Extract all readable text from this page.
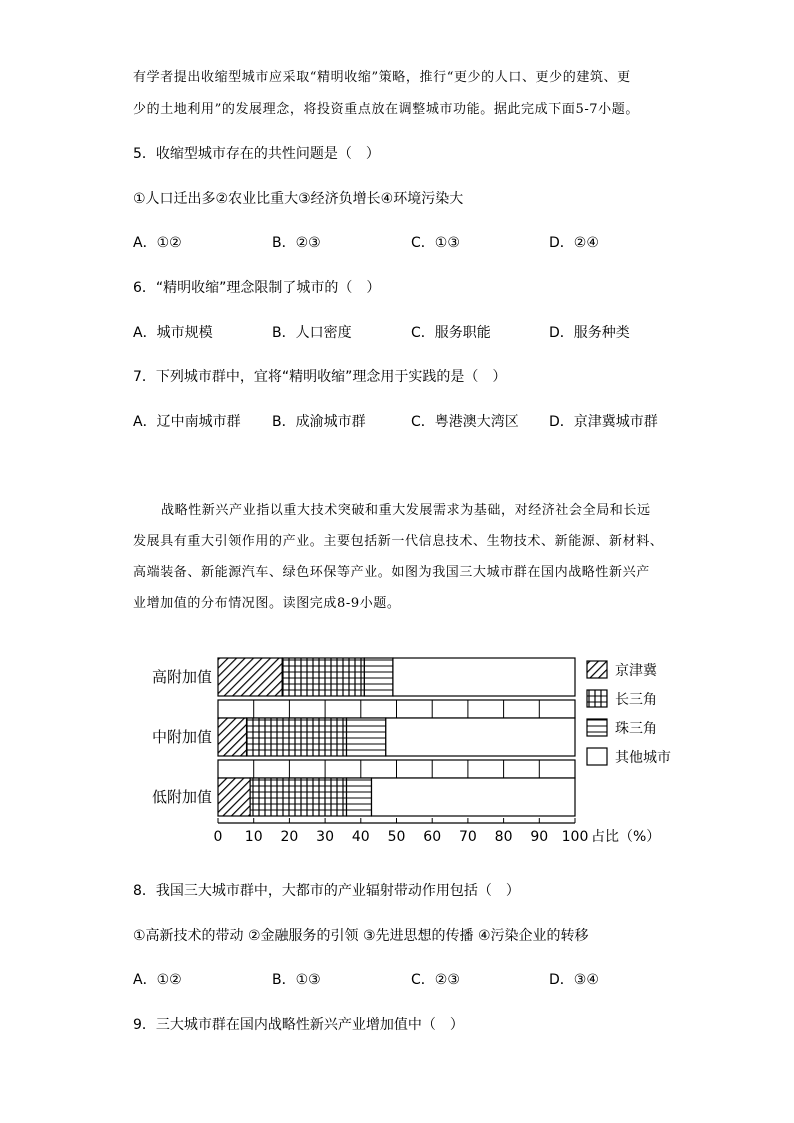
有学者提出收缩型城市应采取“精明收缩”策略，推行“更少的人口、更少的建筑、更
少的土地利用”的发展理念，将投资重点放在调整城市功能。据此完成下面5-7小题。
5．收缩型城市存在的共性问题是（　）
①人口迁出多②农业比重大③经济负增长④环境污染大
A．①②	B．②③	C．①③	D．②④
6．“精明收缩”理念限制了城市的（　）
A．城市规模	B．人口密度	C．服务职能	D．服务种类
7．下列城市群中，宜将“精明收缩”理念用于实践的是（　）
A．辽中南城市群 B．成渝城市群	C．粤港澳大湾区 D．京津冀城市群
战略性新兴产业指以重大技术突破和重大发展需求为基础，对经济社会全局和长远
发展具有重大引领作用的产业。主要包括新一代信息技术、生物技术、新能源、新材料、
高端装备、新能源汽车、绿色环保等产业。如图为我国三大城市群在国内战略性新兴产
业增加值的分布情况图。读图完成8-9小题。
0 10 20 30 40 50 60 70 80 90 100 占比（%）
高附加值
中附加值
低附加值
京津冀
长三角
珠三角
其他城市
8．我国三大城市群中，大都市的产业辐射带动作用包括（　）
①高新技术的带动 ②金融服务的引领 ③先进思想的传播 ④污染企业的转移
A．①②	B．①③	C．②③	D．③④
9．三大城市群在国内战略性新兴产业增加值中（　）
